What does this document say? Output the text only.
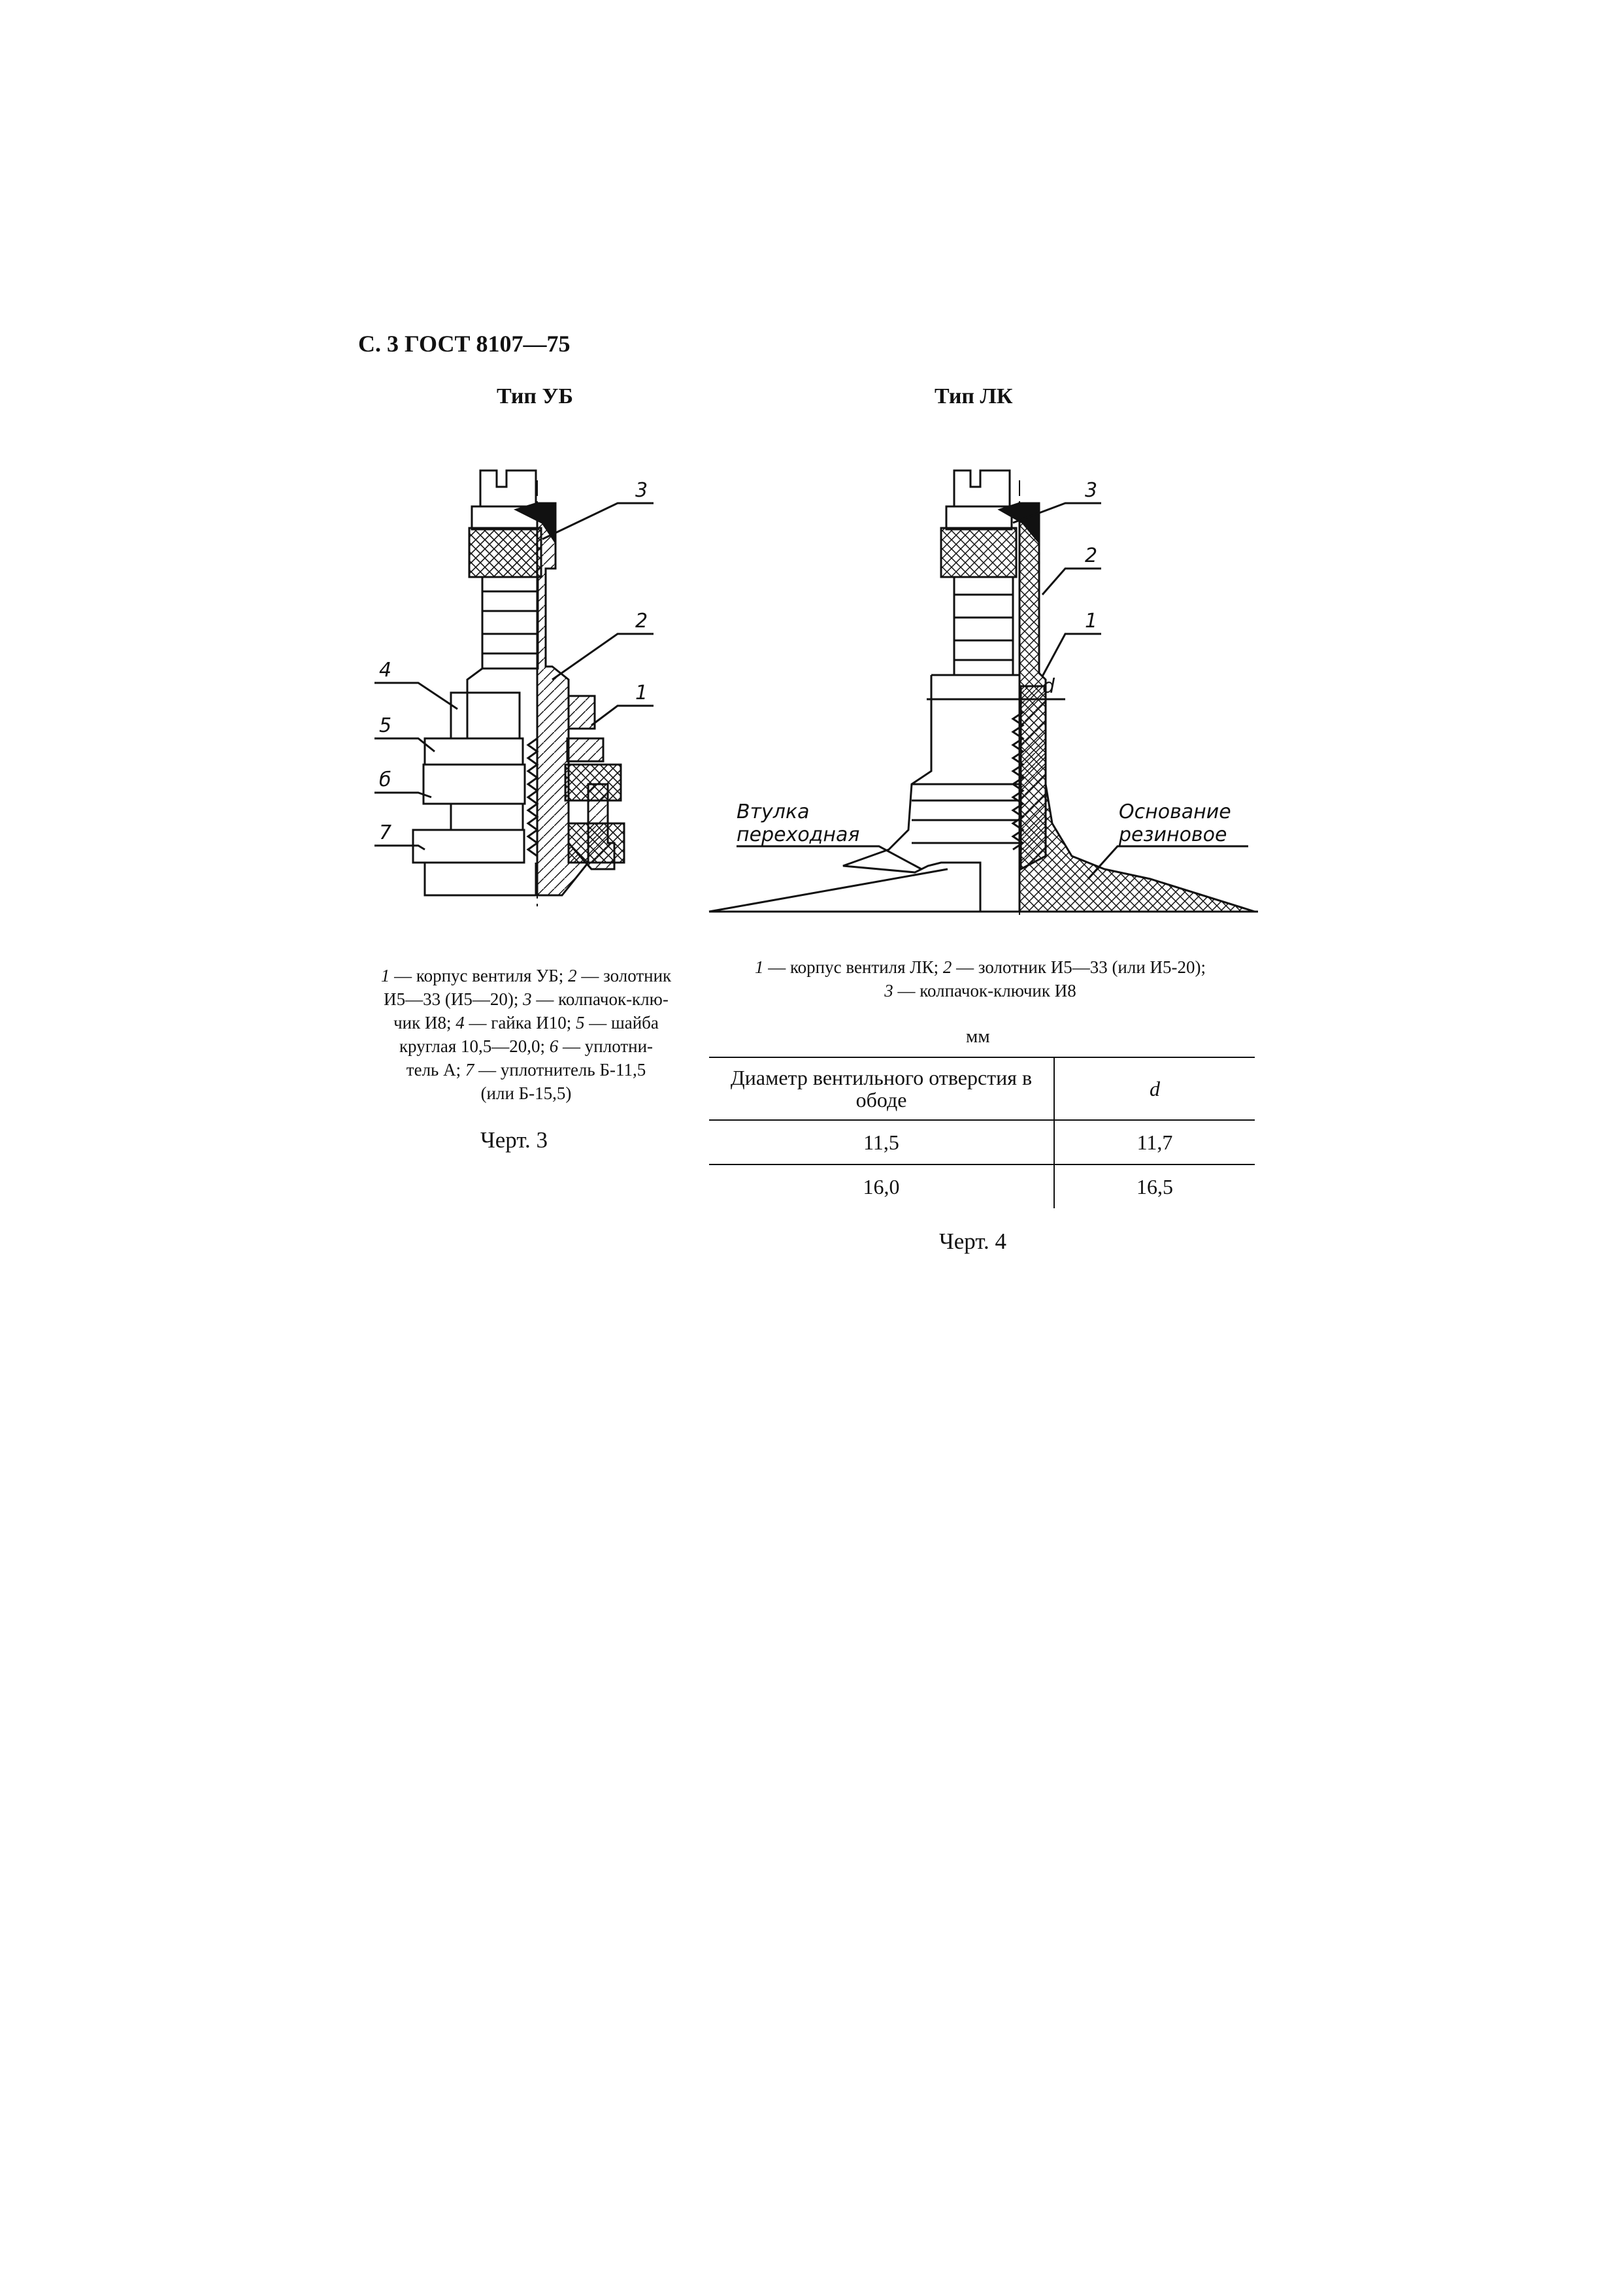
С. 3 ГОСТ 8107—75
Тип УБ	Тип ЛК
3
2
1
4
5
б
7
3
2
1
d
Втулка
переходная
Основание
резиновое
1 — корпус вентиля УБ; 2 — золотник
И5—33 (И5—20); 3 — колпачок-клю-
чик И8; 4 — гайка И10; 5 — шайба
круглая 10,5—20,0; 6 — уплотни-
тель А; 7 — уплотнитель Б-11,5
(или Б-15,5)
Черт. 3
1 — корпус вентиля ЛК; 2 — золотник И5—33 (или И5-20);
3 — колпачок-ключик И8
мм
Диаметр вентильного отверстия в ободе	d
11,5	11,7
16,0	16,5
Черт. 4
